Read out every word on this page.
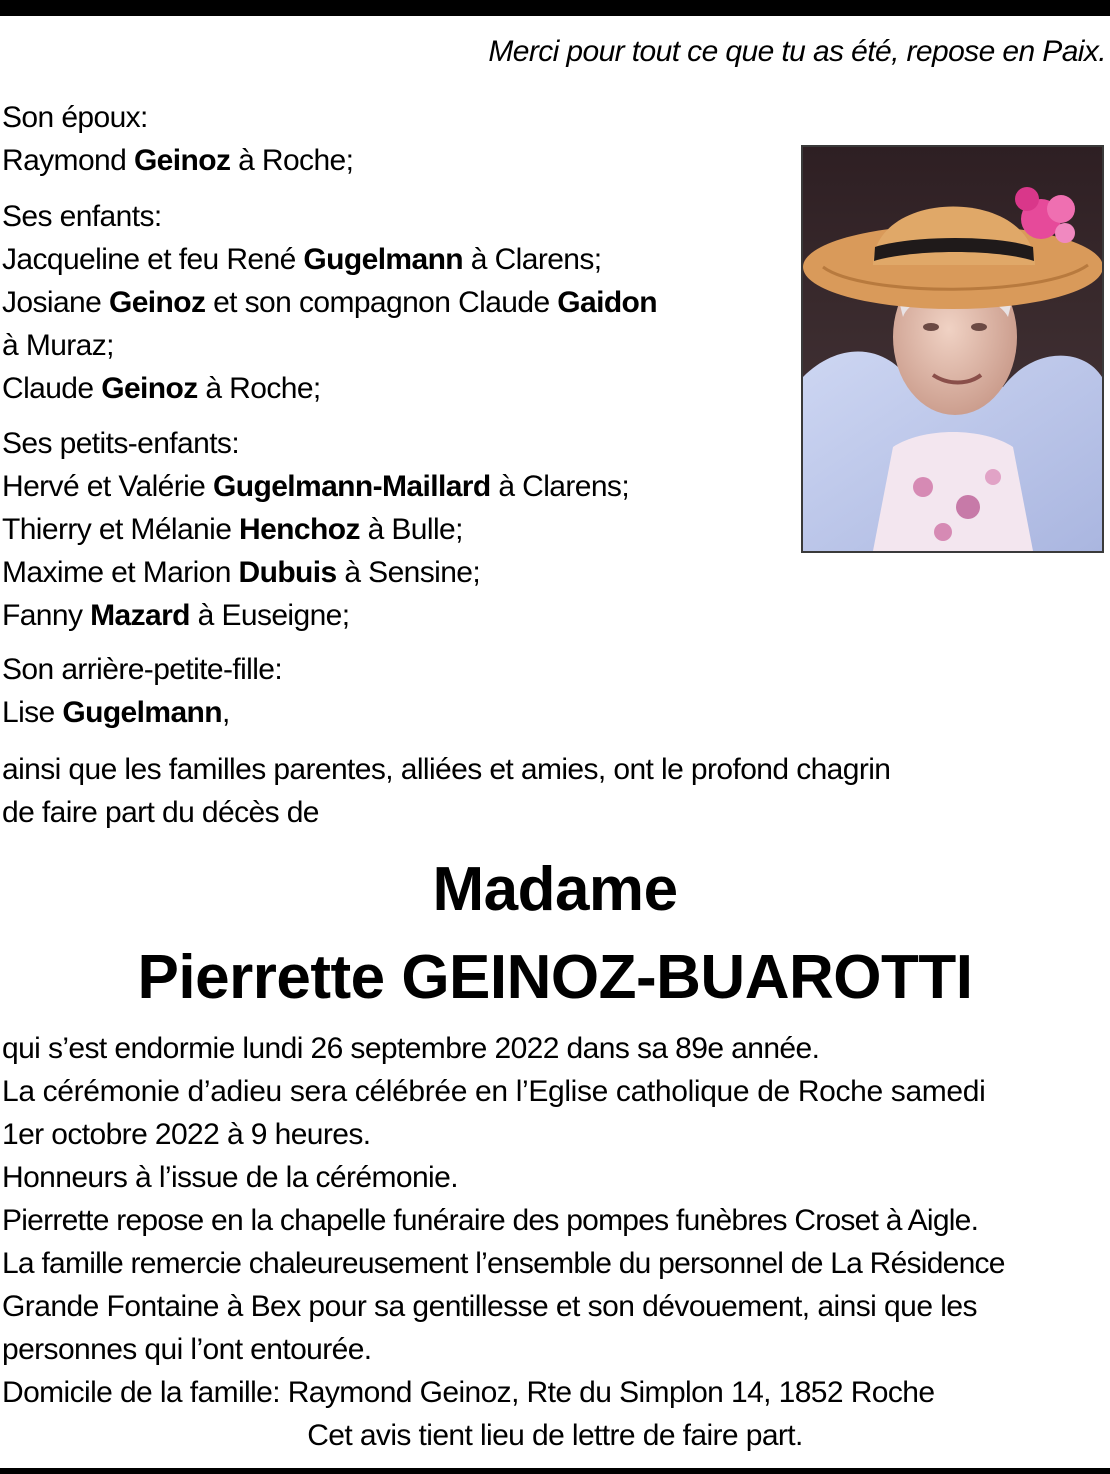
Merci pour tout ce que tu as été, repose en Paix.
Son époux:
Raymond Geinoz à Roche;
Ses enfants:
Jacqueline et feu René Gugelmann à Clarens;
Josiane Geinoz et son compagnon Claude Gaidon
à Muraz;
Claude Geinoz à Roche;
Ses petits-enfants:
Hervé et Valérie Gugelmann-Maillard à Clarens;
Thierry et Mélanie Henchoz à Bulle;
Maxime et Marion Dubuis à Sensine;
Fanny Mazard à Euseigne;
Son arrière-petite-fille:
Lise Gugelmann,
ainsi que les familles parentes, alliées et amies, ont le profond chagrin
de faire part du décès de
Madame
Pierrette GEINOZ-BUAROTTI
qui s’est endormie lundi 26 septembre 2022 dans sa 89e année.
La cérémonie d’adieu sera célébrée en l’Eglise catholique de Roche samedi
1er octobre 2022 à 9 heures.
Honneurs à l’issue de la cérémonie.
Pierrette repose en la chapelle funéraire des pompes funèbres Croset à Aigle.
La famille remercie chaleureusement l’ensemble du personnel de La Résidence
Grande Fontaine à Bex pour sa gentillesse et son dévouement, ainsi que les
personnes qui l’ont entourée.
Domicile de la famille: Raymond Geinoz, Rte du Simplon 14, 1852 Roche
Cet avis tient lieu de lettre de faire part.
